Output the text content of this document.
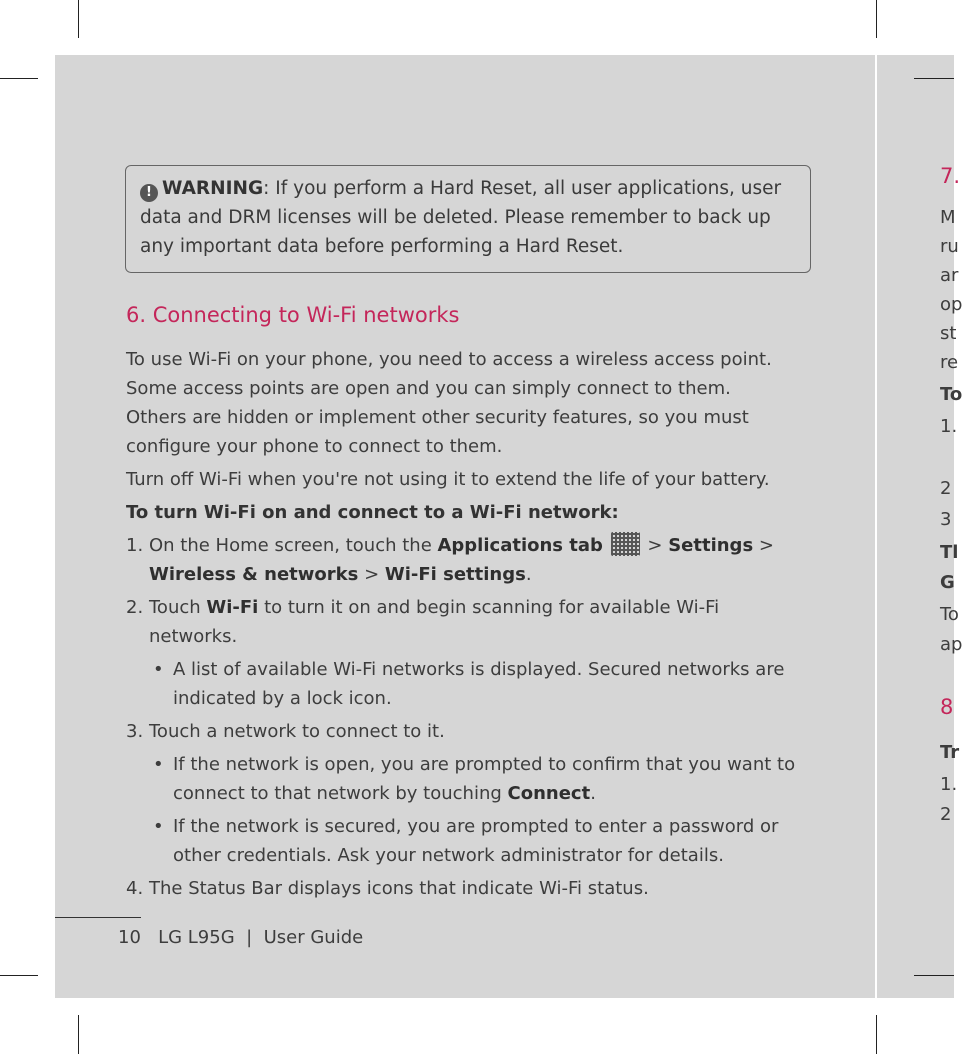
! WARNING: If you perform a Hard Reset, all user applications, user
data and DRM licenses will be deleted. Please remember to back up
any important data before performing a Hard Reset.
6. Connecting to Wi-Fi networks

To use Wi-Fi on your phone, you need to access a wireless access point.

Some access points are open and you can simply connect to them.

Others are hidden or implement other security features, so you must

configure your phone to connect to them.

Turn off Wi-Fi when you're not using it to extend the life of your battery.

To turn Wi-Fi on and connect to a Wi-Fi network:

1. On the Home screen, touch the Applications tab  > Settings >
Wireless & networks > Wi-Fi settings.
2. Touch Wi-Fi to turn it on and begin scanning for available Wi-Fi
networks.
• A list of available Wi-Fi networks is displayed. Secured networks are
indicated by a lock icon.
3. Touch a network to connect to it.
• If the network is open, you are prompted to confirm that you want to
connect to that network by touching Connect.
• If the network is secured, you are prompted to enter a password or
other credentials. Ask your network administrator for details.
4. The Status Bar displays icons that indicate Wi-Fi status.
10 LG L95G  |  User Guide
7.
M
ru
ar
op
st
re
To
1.
2
3
Tl
G
To
ap
8
Tr
1.
2
